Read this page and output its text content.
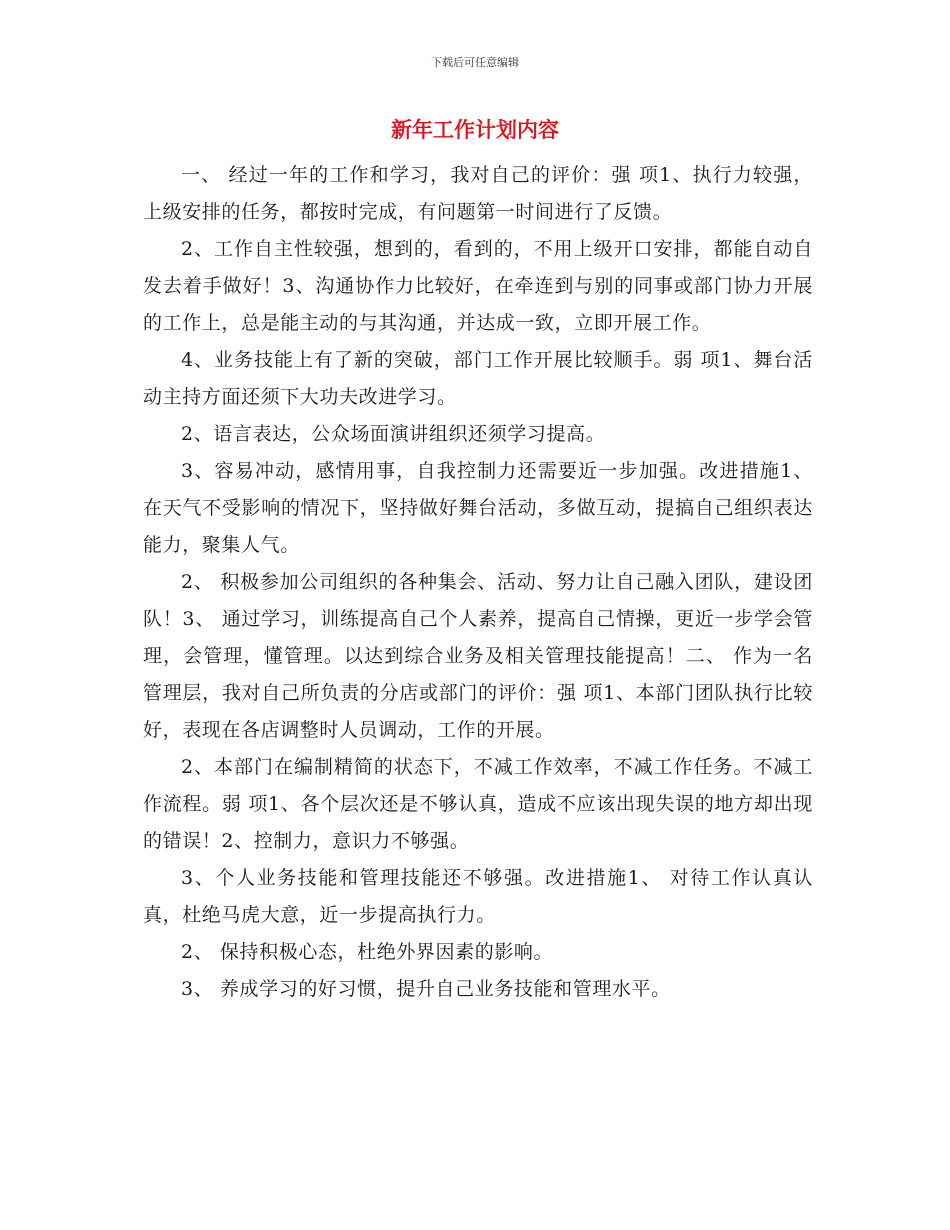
下载后可任意编辑
新年工作计划内容

一、 经过一年的工作和学习，我对自己的评价：强 项1、执行力较强，上级安排的任务，都按时完成，有问题第一时间进行了反馈。

2、工作自主性较强，想到的，看到的，不用上级开口安排，都能自动自发去着手做好！3、沟通协作力比较好，在牵连到与别的同事或部门协力开展的工作上，总是能主动的与其沟通，并达成一致，立即开展工作。

4、业务技能上有了新的突破，部门工作开展比较顺手。弱 项1、舞台活动主持方面还须下大功夫改进学习。

2、语言表达，公众场面演讲组织还须学习提高。

3、容易冲动，感情用事，自我控制力还需要近一步加强。改进措施1、 在天气不受影响的情况下，坚持做好舞台活动，多做互动，提搞自己组织表达能力，聚集人气。

2、 积极参加公司组织的各种集会、活动、努力让自己融入团队，建设团队！3、 通过学习，训练提高自己个人素养，提高自己情操，更近一步学会管理，会管理，懂管理。以达到综合业务及相关管理技能提高！二、 作为一名管理层，我对自己所负责的分店或部门的评价：强 项1、本部门团队执行比较好，表现在各店调整时人员调动，工作的开展。

2、本部门在编制精简的状态下，不减工作效率，不减工作任务。不减工作流程。弱 项1、各个层次还是不够认真，造成不应该出现失误的地方却出现的错误！2、控制力，意识力不够强。

3、个人业务技能和管理技能还不够强。改进措施1、 对待工作认真认真，杜绝马虎大意，近一步提高执行力。

2、 保持积极心态，杜绝外界因素的影响。

3、 养成学习的好习惯，提升自己业务技能和管理水平。
